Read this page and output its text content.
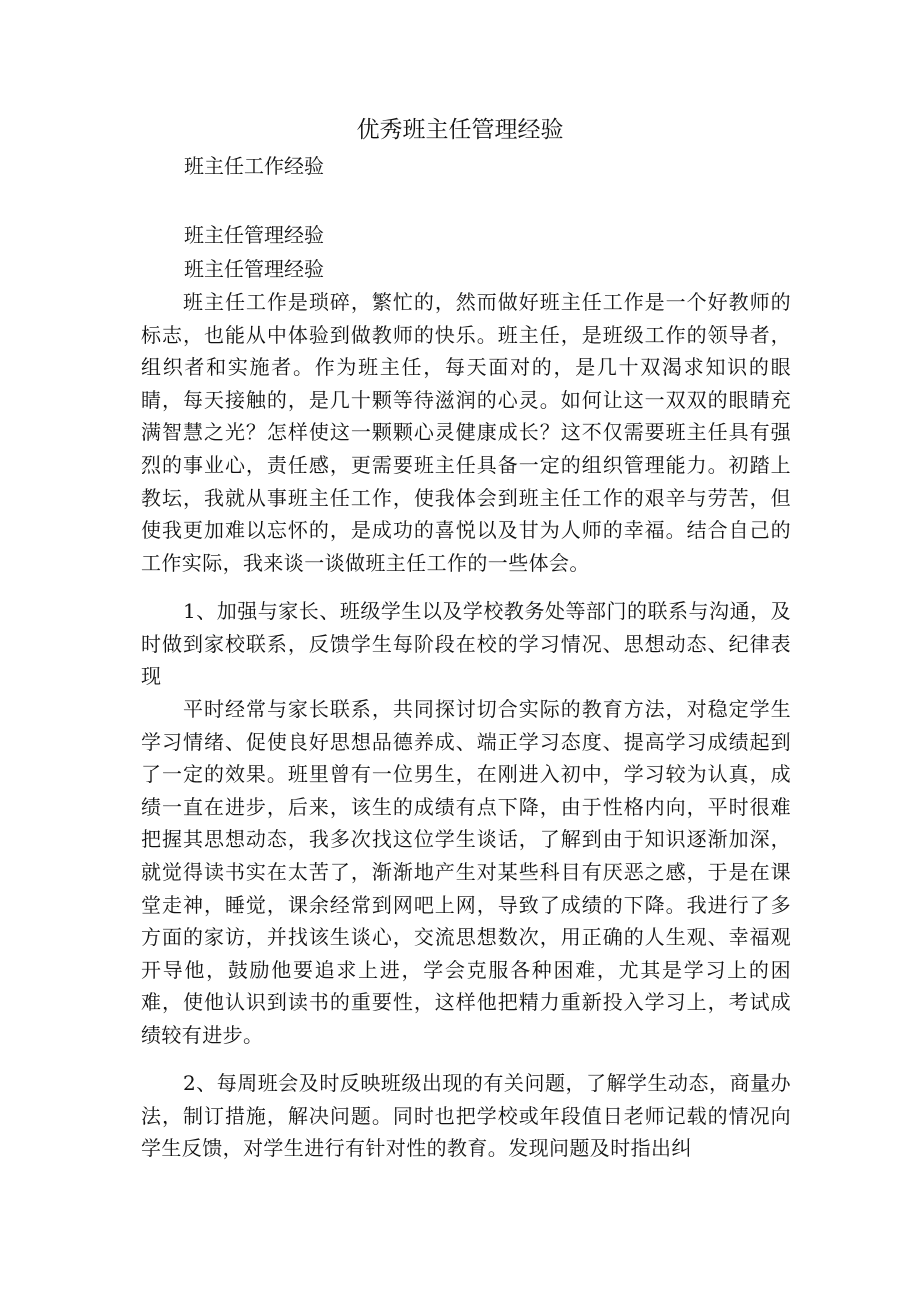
优秀班主任管理经验

班主任工作经验

班主任管理经验

班主任管理经验

班主任工作是琐碎，繁忙的，然而做好班主任工作是一个好教师的标志，也能从中体验到做教师的快乐。班主任，是班级工作的领导者，组织者和实施者。作为班主任，每天面对的，是几十双渴求知识的眼睛，每天接触的，是几十颗等待滋润的心灵。如何让这一双双的眼睛充满智慧之光？怎样使这一颗颗心灵健康成长？这不仅需要班主任具有强烈的事业心，责任感，更需要班主任具备一定的组织管理能力。初踏上教坛，我就从事班主任工作，使我体会到班主任工作的艰辛与劳苦，但使我更加难以忘怀的，是成功的喜悦以及甘为人师的幸福。结合自己的工作实际，我来谈一谈做班主任工作的一些体会。

1、加强与家长、班级学生以及学校教务处等部门的联系与沟通，及时做到家校联系，反馈学生每阶段在校的学习情况、思想动态、纪律表现

平时经常与家长联系，共同探讨切合实际的教育方法，对稳定学生学习情绪、促使良好思想品德养成、端正学习态度、提高学习成绩起到了一定的效果。班里曾有一位男生，在刚进入初中，学习较为认真，成绩一直在进步，后来，该生的成绩有点下降，由于性格内向，平时很难把握其思想动态，我多次找这位学生谈话，了解到由于知识逐渐加深，就觉得读书实在太苦了，渐渐地产生对某些科目有厌恶之感，于是在课堂走神，睡觉，课余经常到网吧上网，导致了成绩的下降。我进行了多方面的家访，并找该生谈心，交流思想数次，用正确的人生观、幸福观开导他，鼓励他要追求上进，学会克服各种困难，尤其是学习上的困难，使他认识到读书的重要性，这样他把精力重新投入学习上，考试成绩较有进步。

2、每周班会及时反映班级出现的有关问题，了解学生动态，商量办法，制订措施，解决问题。同时也把学校或年段值日老师记载的情况向学生反馈，对学生进行有针对性的教育。发现问题及时指出纠
